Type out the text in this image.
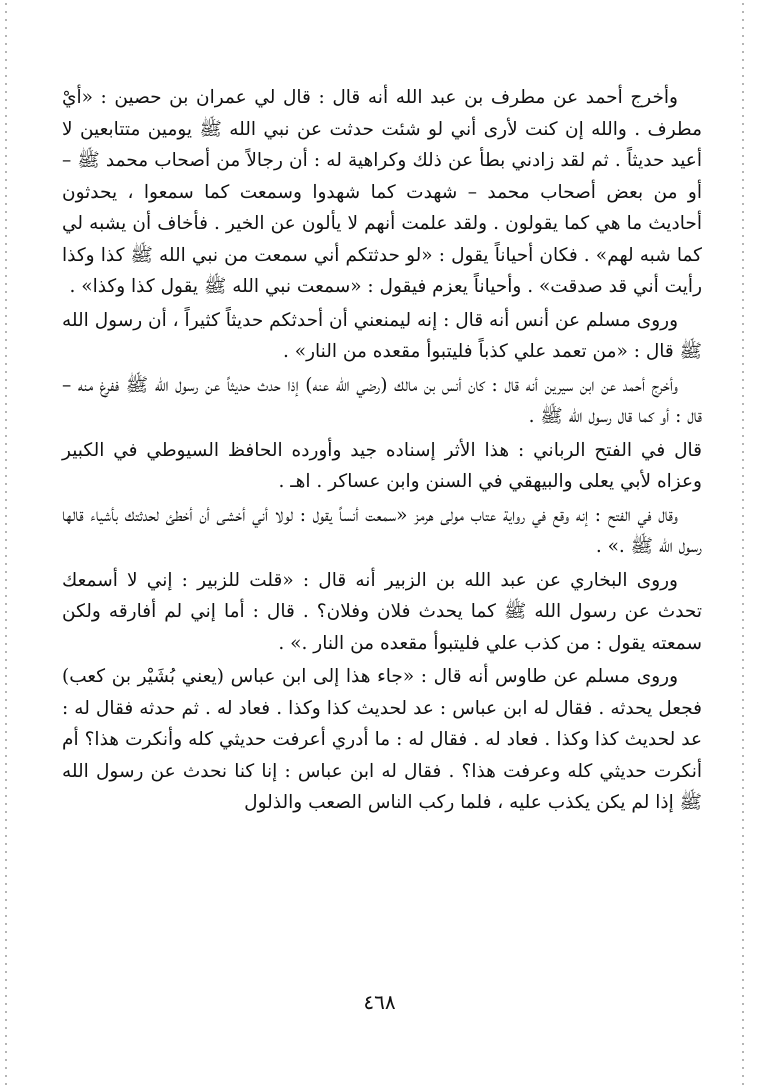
وأخرج أحمد عن مطرف بن عبد الله أنه قال : قال لي عمران بن حصين : «أيْ مطرف . والله إن كنت لأرى أني لو شئت حدثت عن نبي الله ﷺ يومين متتابعين لا أعيد حديثاً . ثم لقد زادني بطأ عن ذلك وكراهية له : أن رجالاً من أصحاب محمد ﷺ – أو من بعض أصحاب محمد – شهدت كما شهدوا وسمعت كما سمعوا ، يحدثون أحاديث ما هي كما يقولون . ولقد علمت أنهم لا يألون عن الخير . فأخاف أن يشبه لي كما شبه لهم» . فكان أحياناً يقول : «لو حدثتكم أني سمعت من نبي الله ﷺ كذا وكذا رأيت أني قد صدقت» . وأحياناً يعزم فيقول : «سمعت نبي الله ﷺ يقول كذا وكذا» .

وروى مسلم عن أنس أنه قال : إنه ليمنعني أن أحدثكم حديثاً كثيراً ، أن رسول الله ﷺ قال : «من تعمد علي كذباً فليتبوأ مقعده من النار» .

وأخرج أحمد عن ابن سيرين أنه قال : كان أنس بن مالك (رضي الله عنه) إذا حدث حديثاً عن رسول الله ﷺ ففرغ منه – قال : أو كما قال رسول الله ﷺ .

قال في الفتح الرباني : هذا الأثر إسناده جيد وأورده الحافظ السيوطي في الكبير وعزاه لأبي يعلى والبيهقي في السنن وابن عساكر . اهـ .

وقال في الفتح : إنه وقع في رواية عتاب مولى هرمز «سمعت أنساً يقول : لولا أني أخشى أن أخطئ لحدثتك بأشياء قالها رسول الله ﷺ .» .

وروى البخاري عن عبد الله بن الزبير أنه قال : «قلت للزبير : إني لا أسمعك تحدث عن رسول الله ﷺ كما يحدث فلان وفلان؟ . قال : أما إني لم أفارقه ولكن سمعته يقول : من كذب علي فليتبوأ مقعده من النار .» .

وروى مسلم عن طاوس أنه قال : «جاء هذا إلى ابن عباس (يعني بُشَيْر بن كعب) فجعل يحدثه . فقال له ابن عباس : عد لحديث كذا وكذا . فعاد له . ثم حدثه فقال له : عد لحديث كذا وكذا . فعاد له . فقال له : ما أدري أعرفت حديثي كله وأنكرت هذا؟ أم أنكرت حديثي كله وعرفت هذا؟ . فقال له ابن عباس : إنا كنا نحدث عن رسول الله ﷺ إذا لم يكن يكذب عليه ، فلما ركب الناس الصعب والذلول

٤٦٨
